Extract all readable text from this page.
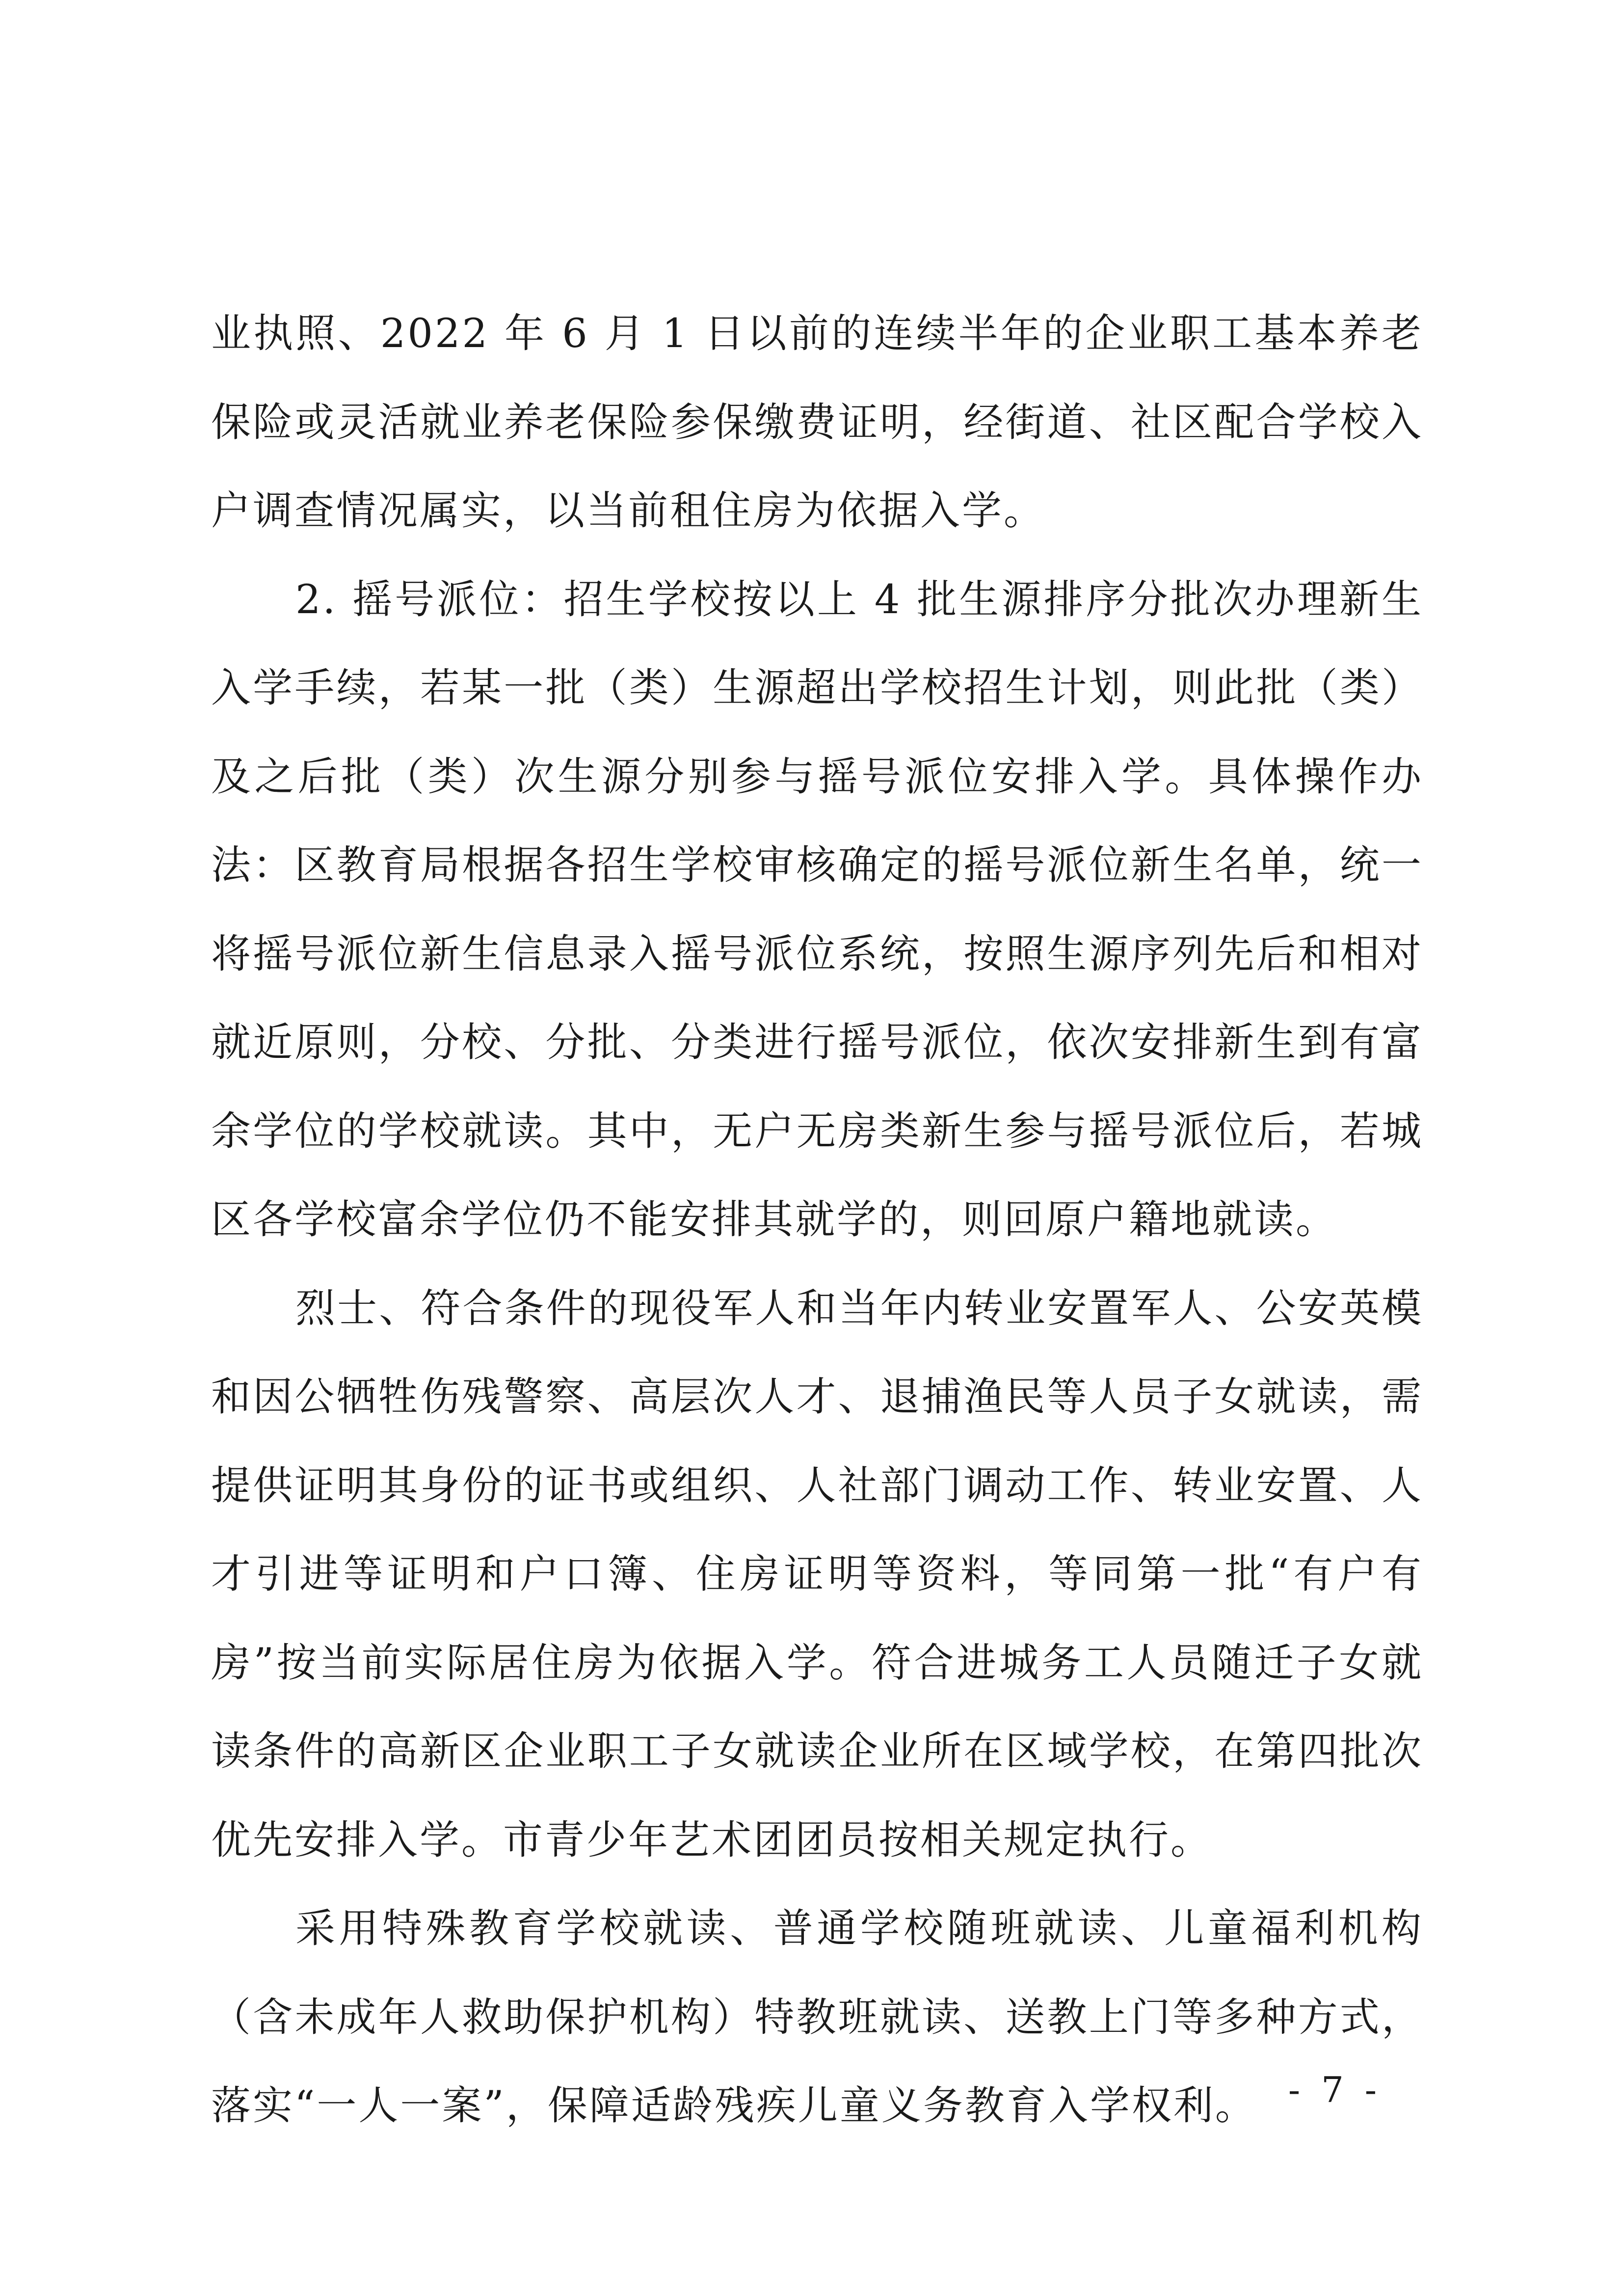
业执照、2022 年 6 月 1 日以前的连续半年的企业职工基本养老保险或灵活就业养老保险参保缴费证明，经街道、社区配合学校入户调查情况属实，以当前租住房为依据入学。

2. 摇号派位：招生学校按以上 4 批生源排序分批次办理新生入学手续，若某一批（类）生源超出学校招生计划，则此批（类）及之后批（类）次生源分别参与摇号派位安排入学。具体操作办法：区教育局根据各招生学校审核确定的摇号派位新生名单，统一将摇号派位新生信息录入摇号派位系统，按照生源序列先后和相对就近原则，分校、分批、分类进行摇号派位，依次安排新生到有富余学位的学校就读。其中，无户无房类新生参与摇号派位后，若城区各学校富余学位仍不能安排其就学的，则回原户籍地就读。

烈士、符合条件的现役军人和当年内转业安置军人、公安英模和因公牺牲伤残警察、高层次人才、退捕渔民等人员子女就读，需提供证明其身份的证书或组织、人社部门调动工作、转业安置、人才引进等证明和户口簿、住房证明等资料，等同第一批“有户有房”按当前实际居住房为依据入学。符合进城务工人员随迁子女就读条件的高新区企业职工子女就读企业所在区域学校，在第四批次优先安排入学。市青少年艺术团团员按相关规定执行。

采用特殊教育学校就读、普通学校随班就读、儿童福利机构（含未成年人救助保护机构）特教班就读、送教上门等多种方式，落实“一人一案”，保障适龄残疾儿童义务教育入学权利。 - 7 -
